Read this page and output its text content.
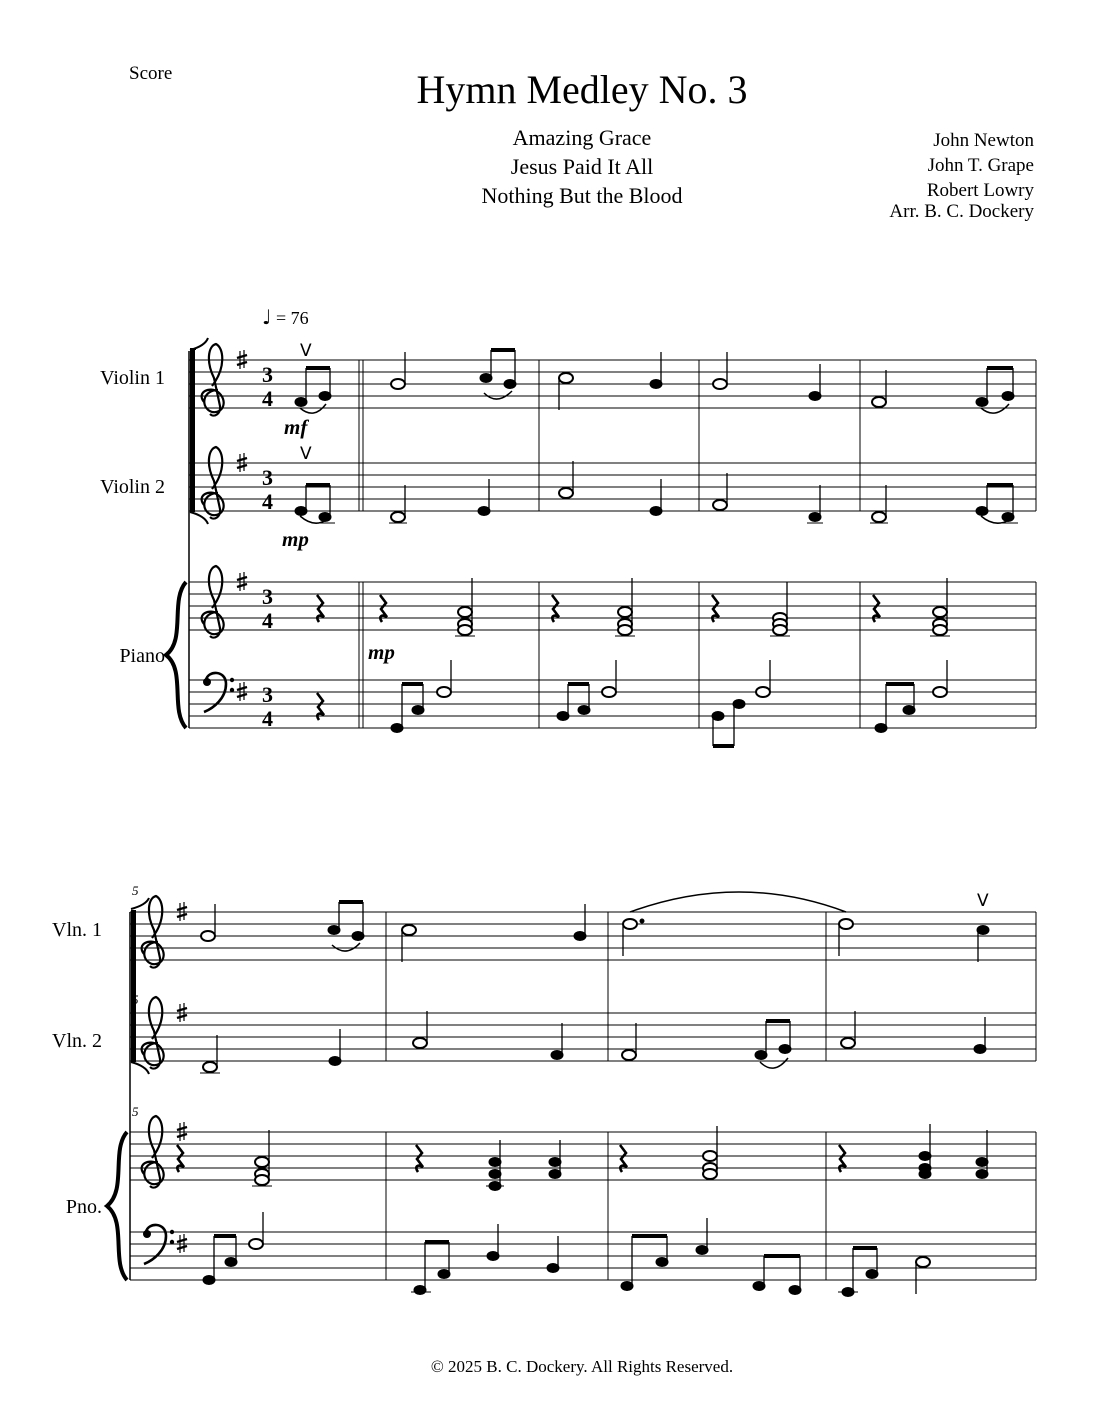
3
4
3
4
3
4
3
4
V
V
V
Score	Hymn Medley No. 3
Amazing Grace
Jesus Paid It All
Nothing But the Blood
John Newton
John T. Grape
Robert Lowry
Arr. B. C. Dockery
♩ = 76
Violin 1
Violin 2
Piano
mf
mp
mp
Vln. 1
Vln. 2
Pno.
5
5
5
© 2025 B. C. Dockery. All Rights Reserved.
